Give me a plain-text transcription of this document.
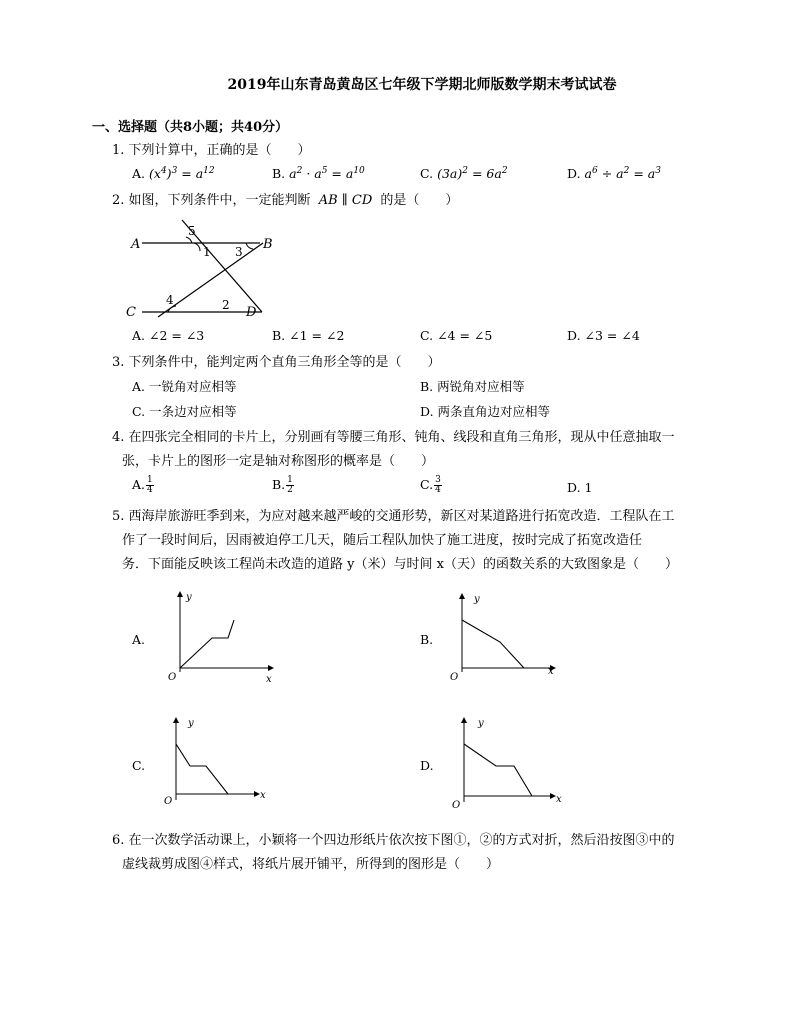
2019年山东青岛黄岛区七年级下学期北师版数学期末考试试卷
一、选择题（共8小题；共40分）
1. 下列计算中，正确的是（　　）
A. $(x^4)^3 = a^{12}$	B. $a^2 \cdot a^5 = a^{10}$	C. $(3a)^2 = 6a^2$	D. $a^6 \div a^2 = a^3$
2. 如图，下列条件中，一定能判断 AB ∥ CD 的是（　　）
A	B
C	D
1
2
3
4
5
A. ∠2 = ∠3	B. ∠1 = ∠2	C. ∠4 = ∠5	D. ∠3 = ∠4
3. 下列条件中，能判定两个直角三角形全等的是（　　）
A. 一锐角对应相等	B. 两锐角对应相等
C. 一条边对应相等	D. 两条直角边对应相等
4. 在四张完全相同的卡片上，分别画有等腰三角形、钝角、线段和直角三角形，现从中任意抽取一
张，卡片上的图形一定是轴对称图形的概率是（　　）
A. $\frac{1}{4}$	B. $\frac{1}{2}$	C. $\frac{3}{4}$	D. 1
5. 西海岸旅游旺季到来，为应对越来越严峻的交通形势，新区对某道路进行拓宽改造．工程队在工
作了一段时间后，因雨被迫停工几天，随后工程队加快了施工进度，按时完成了拓宽改造任
务．下面能反映该工程尚未改造的道路 y（米）与时间 x（天）的函数关系的大致图象是（　　）
A.
y
x
O
B.
y
x
O
C.
y
x
O
D.
y
x
O
6. 在一次数学活动课上，小颖将一个四边形纸片依次按下图①，②的方式对折，然后沿按图③中的
虚线裁剪成图④样式，将纸片展开铺平，所得到的图形是（　　）
